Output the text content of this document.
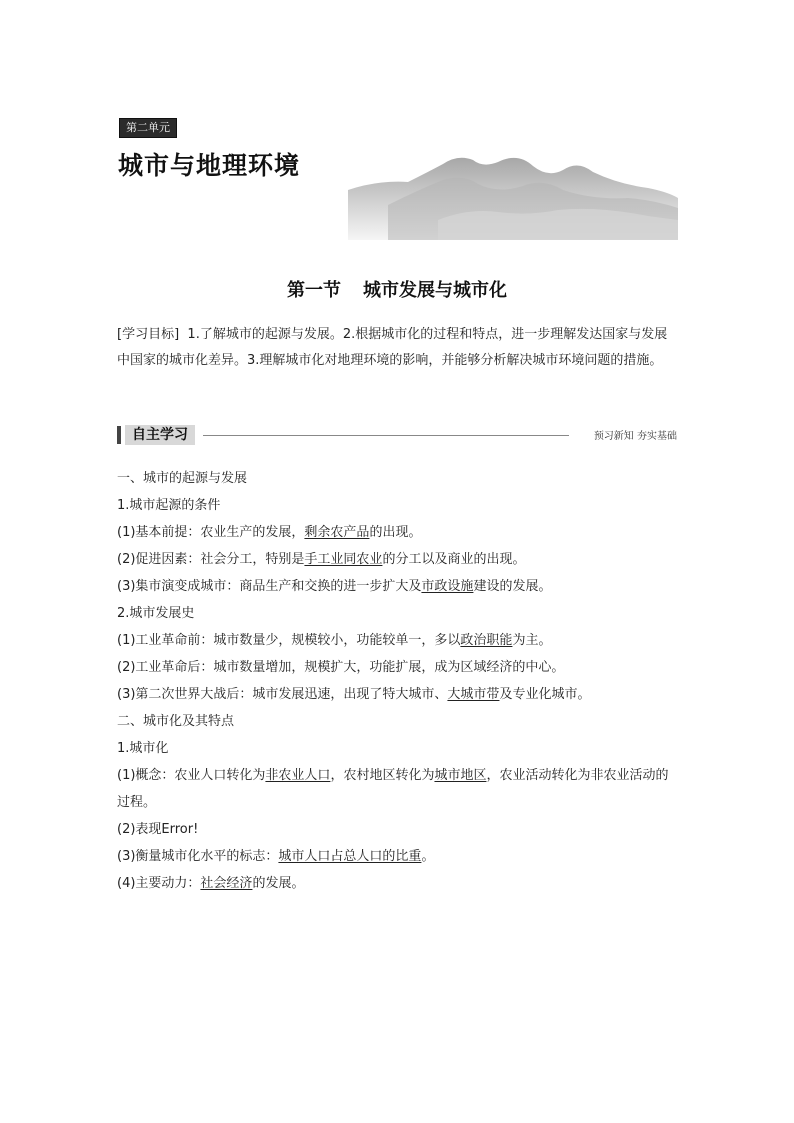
第二单元
城市与地理环境
第一节 城市发展与城市化
[学习目标] 1.了解城市的起源与发展。2.根据城市化的过程和特点，进一步理解发达国家与发展中国家的城市化差异。3.理解城市化对地理环境的影响，并能够分析解决城市环境问题的措施。
自主学习	预习新知 夯实基础

一、城市的起源与发展

1.城市起源的条件

(1)基本前提：农业生产的发展，剩余农产品的出现。

(2)促进因素：社会分工，特别是手工业同农业的分工以及商业的出现。

(3)集市演变成城市：商品生产和交换的进一步扩大及市政设施建设的发展。

2.城市发展史

(1)工业革命前：城市数量少，规模较小，功能较单一，多以政治职能为主。

(2)工业革命后：城市数量增加，规模扩大，功能扩展，成为区域经济的中心。

(3)第二次世界大战后：城市发展迅速，出现了特大城市、大城市带及专业化城市。

二、城市化及其特点

1.城市化

(1)概念：农业人口转化为非农业人口，农村地区转化为城市地区，农业活动转化为非农业活动的过程。

(2)表现Error!

(3)衡量城市化水平的标志：城市人口占总人口的比重。

(4)主要动力：社会经济的发展。
